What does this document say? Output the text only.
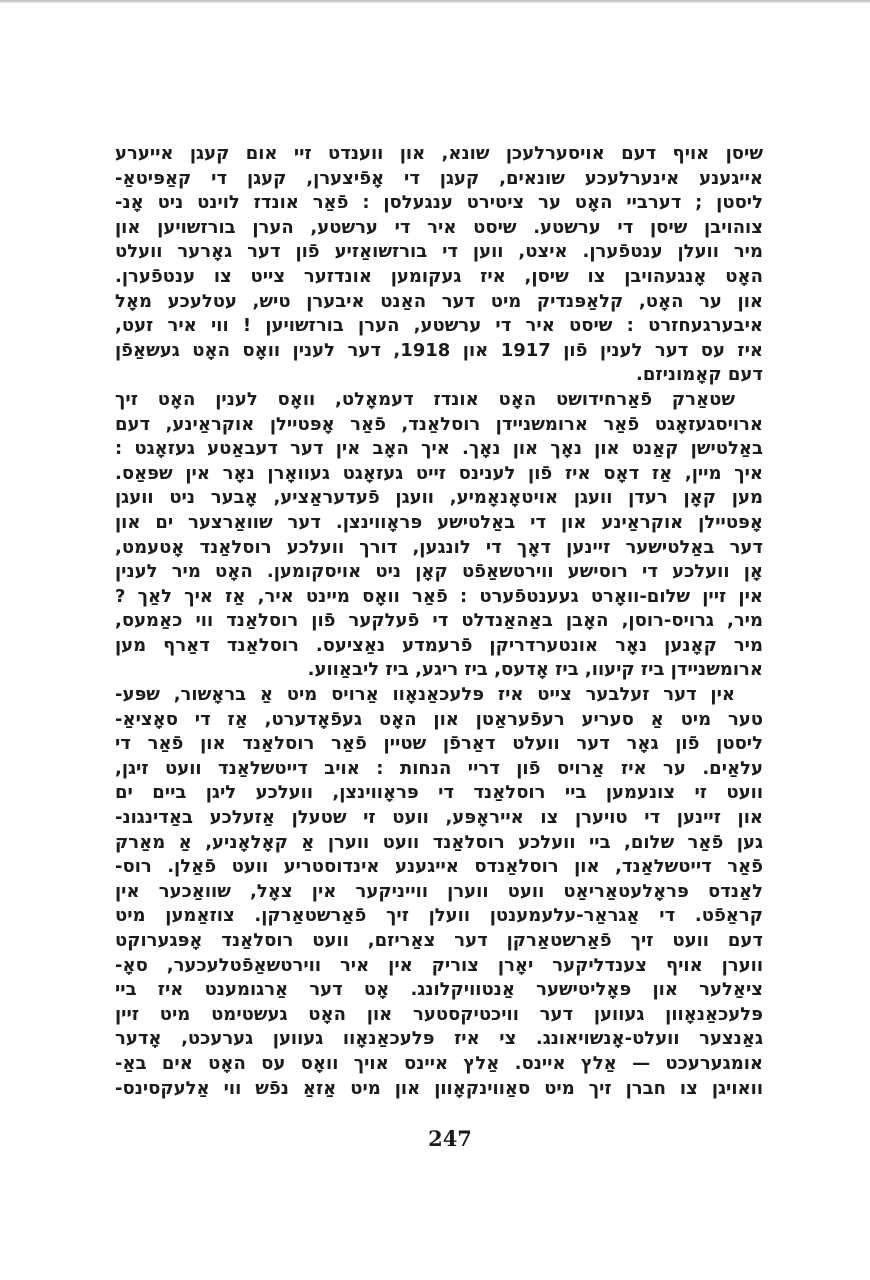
שיסן אויף דעם אויסערלעכן שונא, און ווענדט זיי אום קעגן אייערע
אייגענע אינערלעכע שונאים, קעגן די אָפֿיצערן, קעגן די קאַפּיטאַ-
ליסטן ; דערביי האָט ער ציטירט ענגעלסן : פֿאַר אונדז לוינט ניט אָנ-
צוהויבן שיסן די ערשטע. שיסט איר די ערשטע, הערן בורזשויען און
מיר וועלן ענטפֿערן. איצט, ווען די בורזשואַזיע פֿון דער גאָרער וועלט
האָט אָנגעהויבן צו שיסן, איז געקומען אונדזער צייט צו ענטפֿערן.
און ער האָט, קלאַפּנדיק מיט דער האַנט איבערן טיש, עטלעכע מאָל
איבערגעחזרט : שיסט איר די ערשטע, הערן בורזשויען ! ווי איר זעט,
איז עס דער לענין פֿון 1917 און 1918, דער לענין וואָס האָט געשאַפֿן
דעם קאָמוניזם.
שטאַרק פֿאַרחידושט האָט אונדז דעמאָלט, וואָס לענין האָט זיך
ארויסגעזאָגט פֿאַר ארומשניידן רוסלאַנד, פֿאַר אָפּטיילן אוקראַינע, דעם
באַלטישן קאַנט און נאָך און נאָך. איך האָב אין דער דעבאַטע געזאָגט :
איך מיין, אַז דאָס איז פֿון לענינס זייט געזאָגט געוואָרן נאָר אין שפּאַס.
מען קאָן רעדן וועגן אויטאָנאָמיע, וועגן פֿעדעראַציע, אָבער ניט וועגן
אָפּטיילן אוקראַינע און די באַלטישע פּראָווינצן. דער שוואַרצער ים און
דער באַלטישער זיינען דאָך די לונגען, דורך וועלכע רוסלאַנד אָטעמט,
אָן וועלכע די רוסישע ווירטשאַפֿט קאָן ניט אויסקומען. האָט מיר לענין
אין זיין שלום-וואָרט געענטפֿערט : פֿאַר וואָס מיינט איר, אַז איך לאַך ?
מיר, גרויס-רוסן, האָבן באַהאַנדלט די פֿעלקער פֿון רוסלאַנד ווי כאַמעס,
מיר קאָנען נאָר אונטערדריקן פֿרעמדע נאַציעס. רוסלאַנד דאַרף מען
ארומשניידן ביז קיעוו, ביז אָדעס, ביז ריגע, ביז ליבאַווע.
אין דער זעלבער צייט איז פּלעכאַנאָוו אַרויס מיט אַ בראָשור, שפּע-
טער מיט אַ סעריע רעפֿעראַטן און האָט געפֿאָדערט, אַז די סאָציאַ-
ליסטן פֿון גאָר דער וועלט דאַרפֿן שטיין פֿאַר רוסלאַנד און פֿאַר די
עלאַים. ער איז אַרויס פֿון דריי הנחות : אויב דייטשלאַנד וועט זיגן,
וועט זי צונעמען ביי רוסלאַנד די פּראָווינצן, וועלכע ליגן ביים ים
און זיינען די טויערן צו אייראָפּע, וועט זי שטעלן אַזעלכע באַדינגונ-
גען פֿאַר שלום, ביי וועלכע רוסלאַנד וועט ווערן אַ קאָלאָניע, אַ מאַרק
פֿאַר דייטשלאַנד, און רוסלאַנדס אייגענע אינדוסטריע וועט פֿאַלן. רוס-
לאַנדס פּראָלעטאַריאַט וועט ווערן ווייניקער אין צאָל, שוואַכער אין
קראַפֿט. די אַגראַר-עלעמענטן וועלן זיך פֿאַרשטאַרקן. צוזאַמען מיט
דעם וועט זיך פֿאַרשטאַרקן דער צאַריזם, וועט רוסלאַנד אָפּגערוקט
ווערן אויף צענדליקער יאָרן צוריק אין איר ווירטשאַפֿטלעכער, סאָ-
ציאַלער און פּאָליטישער אַנטוויקלונג. אָט דער אַרגומענט איז ביי
פּלעכאַנאָוון געווען דער וויכטיקסטער און האָט געשטימט מיט זיין
גאַנצער וועלט-אָנשויאונג. צי איז פּלעכאַנאָוו געווען גערעכט, אָדער
אומגערעכט — אַלץ איינס. אַלץ איינס אויך וואָס עס האָט אים באַ-
וואויגן צו חברן זיך מיט סאַווינקאָוון און מיט אַזאַ נפֿש ווי אַלעקסינס-
247
